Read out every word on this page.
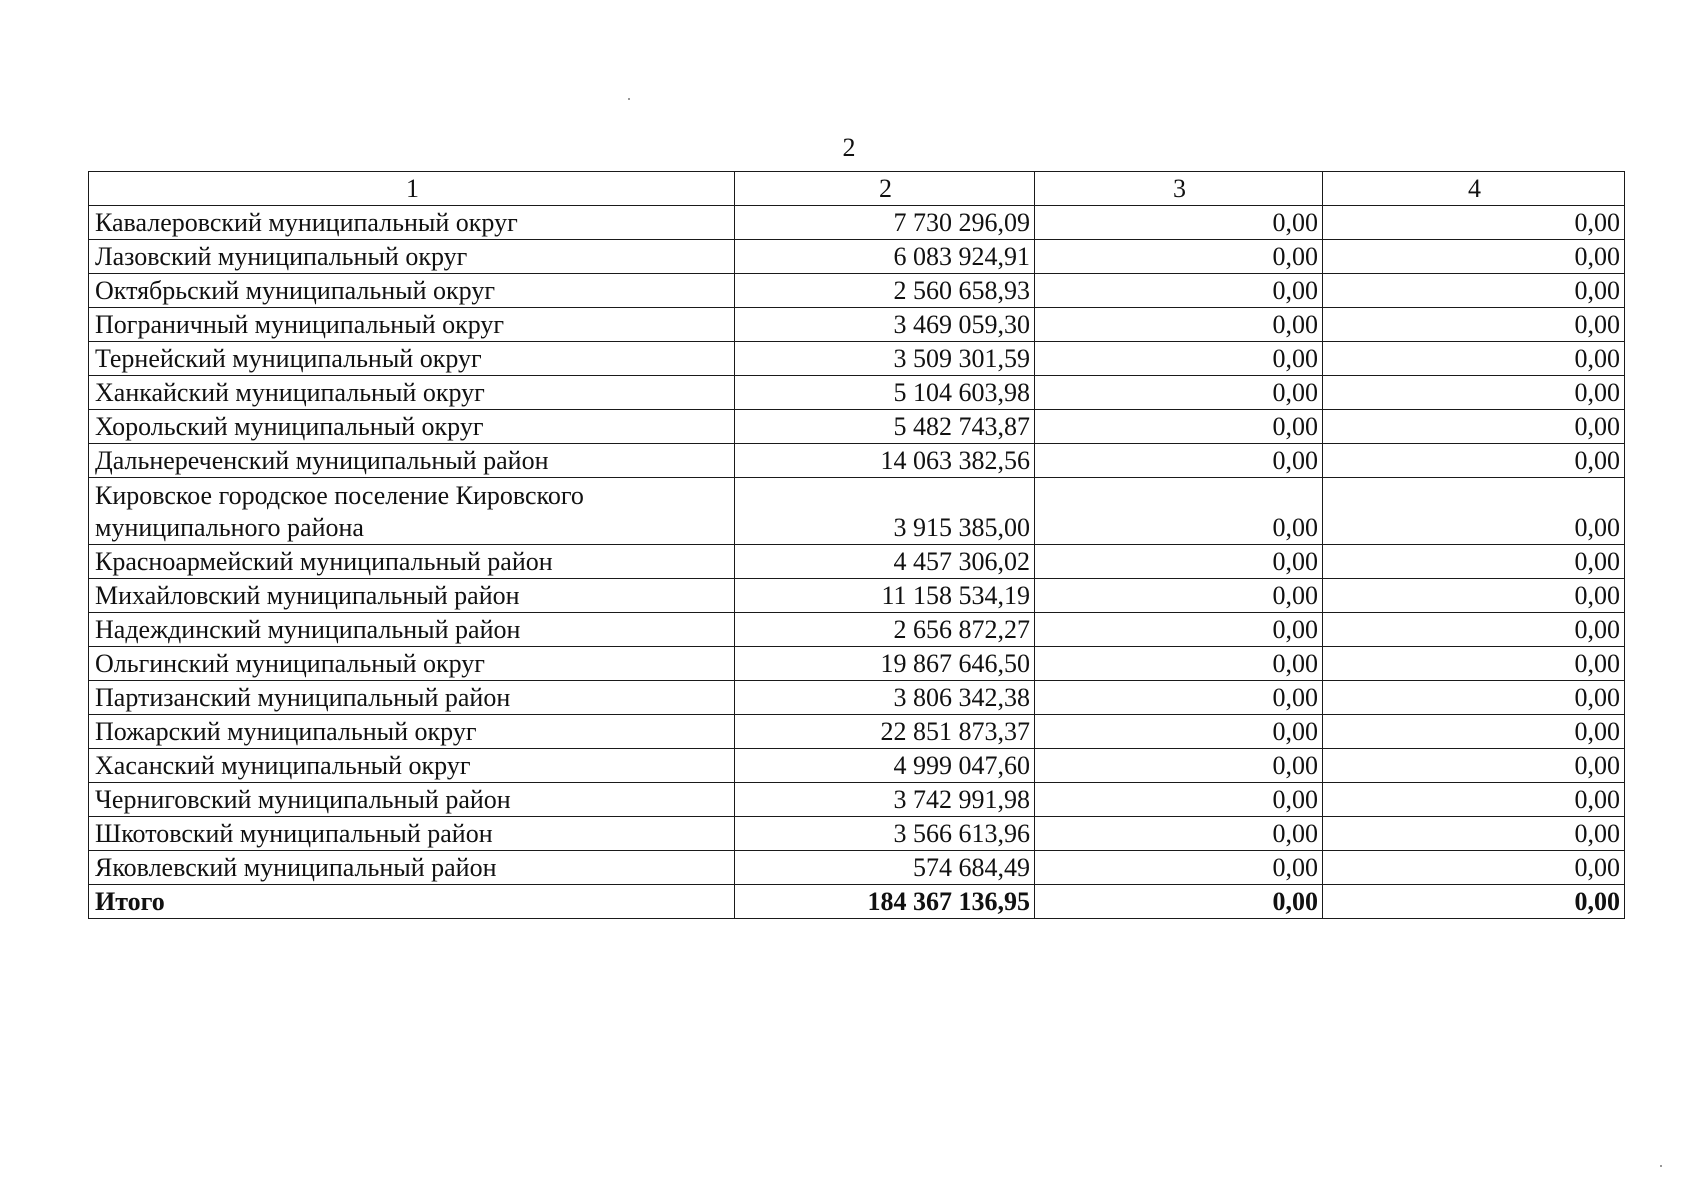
2
1	2	3	4
Кавалеровский муниципальный округ	7 730 296,09	0,00	0,00
Лазовский муниципальный округ	6 083 924,91	0,00	0,00
Октябрьский муниципальный округ	2 560 658,93	0,00	0,00
Пограничный муниципальный округ	3 469 059,30	0,00	0,00
Тернейский муниципальный округ	3 509 301,59	0,00	0,00
Ханкайский муниципальный округ	5 104 603,98	0,00	0,00
Хорольский муниципальный округ	5 482 743,87	0,00	0,00
Дальнереченский муниципальный район	14 063 382,56	0,00	0,00
Кировское городское поселение Кировского муниципального района	3 915 385,00	0,00	0,00
Красноармейский муниципальный район	4 457 306,02	0,00	0,00
Михайловский муниципальный район	11 158 534,19	0,00	0,00
Надеждинский муниципальный район	2 656 872,27	0,00	0,00
Ольгинский муниципальный округ	19 867 646,50	0,00	0,00
Партизанский муниципальный район	3 806 342,38	0,00	0,00
Пожарский муниципальный округ	22 851 873,37	0,00	0,00
Хасанский муниципальный округ	4 999 047,60	0,00	0,00
Черниговский муниципальный район	3 742 991,98	0,00	0,00
Шкотовский муниципальный район	3 566 613,96	0,00	0,00
Яковлевский муниципальный район	574 684,49	0,00	0,00
Итого	184 367 136,95	0,00	0,00
